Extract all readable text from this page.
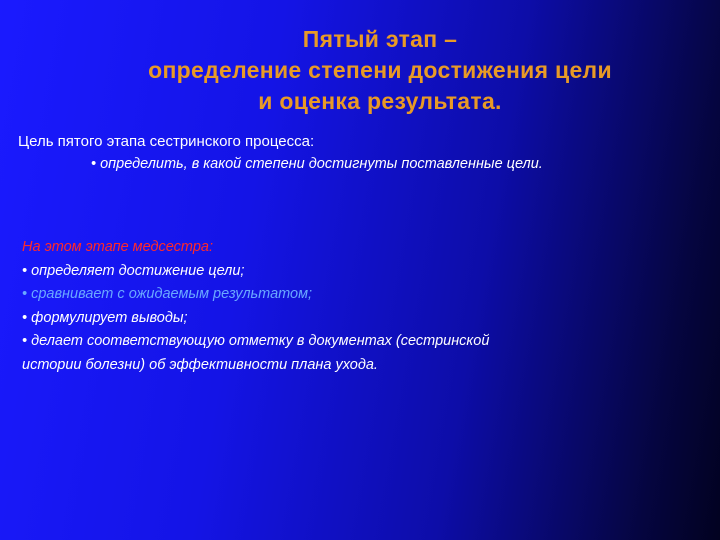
Пятый этап –
определение степени достижения цели
и оценка результата.
Цель пятого этапа сестринского процесса:
• определить, в какой степени достигнуты поставленные цели.
На этом этапе медсестра:
• определяет достижение цели;
• сравнивает с ожидаемым результатом;
• формулирует выводы;
• делает соответствующую отметку в документах (сестринской
истории болезни) об эффективности плана ухода.
